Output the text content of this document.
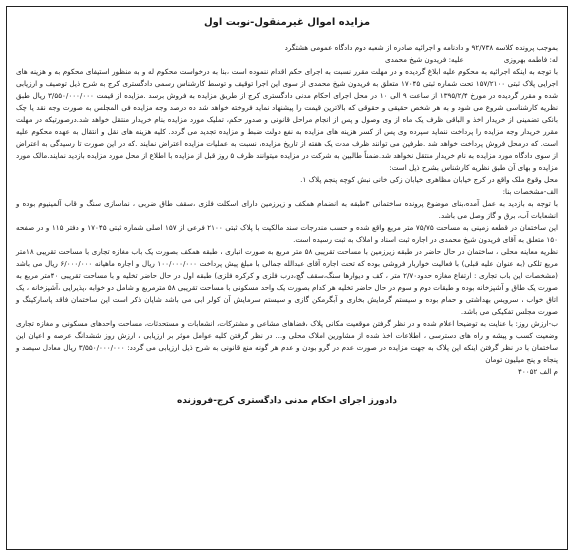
مزایده اموال غیرمنقول-نوبت اول

بموجب پرونده کلاسه ۹۲/۷۳۸ و دادنامه و اجرائیه صادره از شعبه دوم دادگاه عمومی هشتگرد

له: فاطمه بهروزی
علیه: فریدون شیخ محمدی

با توجه به اینکه اجرائیه به محکوم علیه ابلاغ گردیده و در مهلت مقرر نسبت به اجرای حکم اقدام ننموده است ،بنا به درخواست محکوم له و به منظور استیفای محکوم به و هزینه های اجرایی پلاک ثبتی ۱۵۷/۲۱۰۰ تحت شماره ثبتی ۱۷۰۴۵ متعلق به فریدون شیخ محمدی از سوی این اجرا توقیف و توسط کارشناس رسمی دادگستری کرج به شرح ذیل توصیف و ارزیابی شده و مقرر گردیده در مورخ ۱۳۹۵/۲/۴ از ساعت ۹ الی ۱۰ در محل اجرای احکام مدنی دادگستری کرج از طریق مزایده به فروش برسد .مزایده از قیمت ۳/۵۵۰/۰۰۰/۰۰۰ ریال طبق نظریه کارشناسی شروع می شود و به هر شخص حقیقی و حقوقی که بالاترین قیمت را پیشنهاد نماید فروخته خواهد شد ده درصد وجه مزایده فی المجلس به صورت وجه نقد یا چک بانکی تضمینی از خریدار اخذ و الباقی ظرف یک ماه از وی وصول و پس از انجام مراحل قانونی و صدور حکم، تملیک مورد مزایده بنام خریدار منتقل خواهد شد.درصورتیکه در مهلت مقرر خریدار وجه مزایده را پرداخت ننماید سپرده وی پس از کسر هزینه های مزایده به نفع دولت ضبط و مزایده تجدید می گردد. کلیه هزینه های نقل و انتقال به عهده محکوم علیه است. که درمحل فروش پرداخت خواهد شد .طرفین می توانند ظرف مدت یک هفته از تاریخ مزایده، نسبت به عملیات مزایده اعتراض نمایند .که در این صورت تا رسیدگی به اعتراض از سوی دادگاه مورد مزایده به نام خریدار منتقل نخواهد شد.ضمناً طالبین به شرکت در مزایده میتوانند ظرف ۵ روز قبل از مزایده با اطلاع از محل مورد مزایده بازدید نمایند.مالک مورد مزایده و بهای آن طبق نظریه کارشناس بشرح ذیل است:

محل وقوع ملک واقع در کرج خیابان مظاهری خیابان زکی خانی نبش کوچه پنجم پلاک ۱.

الف-مشخصات بنا:

با توجه به بازدید به عمل آمده،بنای موضوع پرونده ساختمانی ۳طبقه به انضمام همکف و زیرزمین دارای اسکلت فلزی ،سقف طاق ضربی ، نماسازی سنگ و قاب آلمینیوم بوده و انشعابات آب، برق و گاز وصل می باشد.

این ساختمان در قطعه زمینی به مساحت ۷۵/۷۵ متر مربع واقع شده و حسب مندرجات سند مالکیت با پلاک ثبتی ۲۱۰۰ فرعی از ۱۵۷ اصلی شماره ثبتی ۱۷۰۴۵ و دفتر ۱۱۵ و در صفحه ۱۵۰ متعلق به آقای فریدون شیخ محمدی در اجاره ثبت اسناد و املاک به ثبت رسیده است.

نظریه معاینه محلی ، ساختمان در حال حاضر در طبقه زیرزمین با مساحت تقریبی ۵۸ متر مربع به صورت انباری ، طبقه همکف بصورت یک باب مغازه تجاری با مساحت تقریبی ۱۸متر مربع تلکی (به عنوان علیه قبلی) با فعالیت خواربار فروشی بوده که تحت اجاره آقای عبدالله جمالی با مبلغ پیش پرداخت ۱۰۰/۰۰۰/۰۰۰ ریال و اجاره ماهیانه ۶/۰۰۰/۰۰۰ ریال می باشد (مشخصات این باب تجاری : ارتفاع مغازه حدود۲/۷۰ متر ، کف و دیوارها سنگ،سقف گچ،درب فلزی و کرکره فلزی) طبقه اول در حال حاضر تخلیه و با مساحت تقریبی ۴۰متر مربع به صورت یک طاق و آشپزخانه بوده و طبقات دوم و سوم در حال حاضر تخلیه هر کدام بصورت یک واحد مسکونی با مساحت تقریبی ۵۸ مترمربع و شامل دو خوابه ،پذیرایی ،آشپزخانه ، یک اتاق خواب ، سرویس بهداشتی و حمام بوده و سیستم گرمایش بخاری و آبگرمکن گازی و سیستم سرمایش آن کولر ابی می باشد شایان ذکر است این ساختمان فاقد پاسارکینگ و صورت مجلس تفکیکی می باشد.

ب-ارزش روز: با عنایت به توضیحا اعلام شده و در نظر گرفتن موقعیت مکانی پلاک ،فضاهای مشاعی و مشترکات، انشعابات و مستحدثات، مساحت واحدهای مسکونی و مغازه تجاری وضعیت کسب و پیشه و راه های دسترسی ، اطلاعات اخذ شده از مشاورین املاک محلی و... در نظر گرفتن کلیه عوامل موثر بر ارزیابی ، ارزش روز ششدانگ عرصه و اعیان این ساختمان با در نظر گرفتن اینکه این پلاک به جهت مزایده در صورت عدم در گرو بودن و عدم هر گونه منع قانونی به شرح ذیل ارزیابی می گردد: ۳/۵۵۰/۰۰۰/۰۰۰ ریال معادل سیصد و پنجاه و پنج میلیون تومان

م الف ۴۰۰۵۲

دادورز اجرای احکام مدنی دادگستری کرج-فروزنده
